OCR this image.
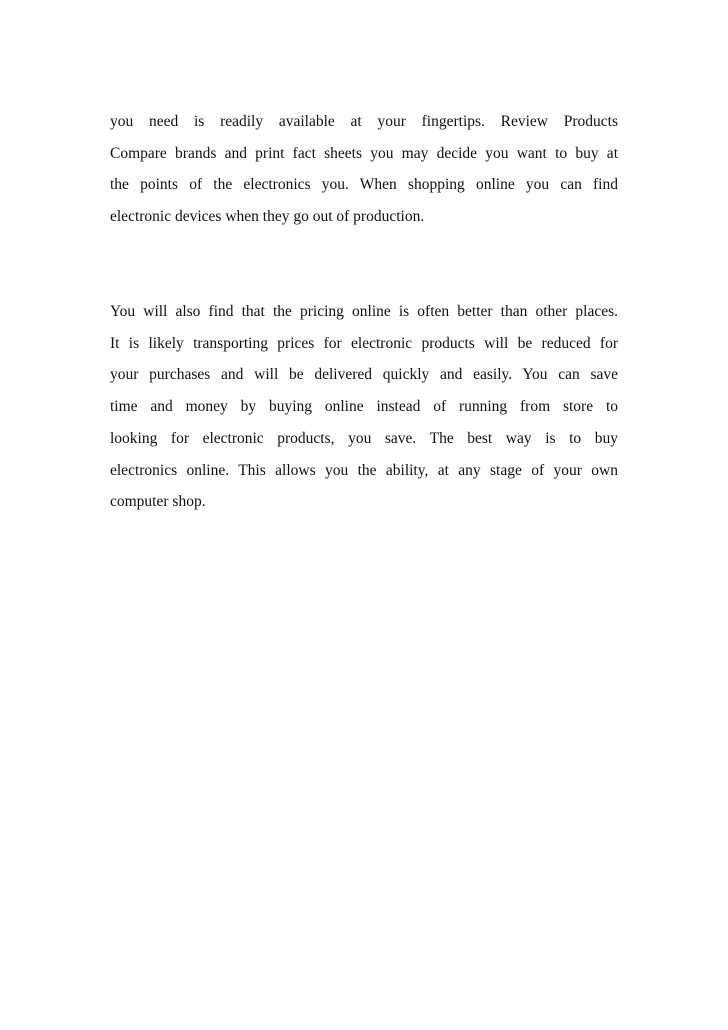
you need is readily available at your fingertips. Review Products
Compare brands and print fact sheets you may decide you want to buy at
the points of the electronics you. When shopping online you can find
electronic devices when they go out of production.
You will also find that the pricing online is often better than other places.
It is likely transporting prices for electronic products will be reduced for
your purchases and will be delivered quickly and easily. You can save
time and money by buying online instead of running from store to
looking for electronic products, you save. The best way is to buy
electronics online. This allows you the ability, at any stage of your own
computer shop.
